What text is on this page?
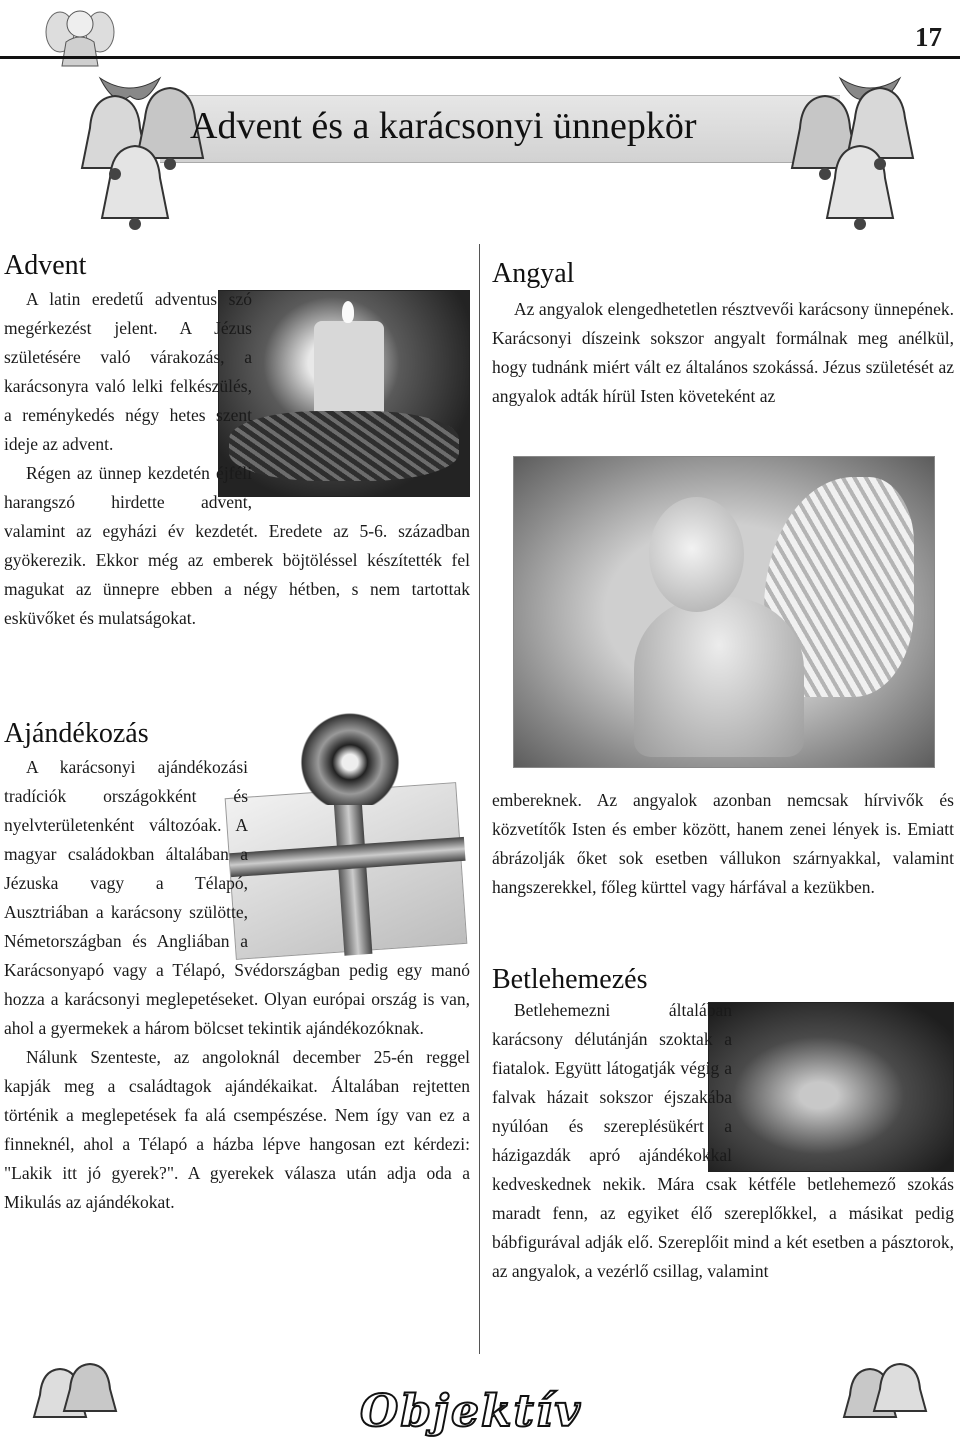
17
Advent és a karácsonyi ünnepkör
Advent

A latin eredetű adventus szó megérkezést jelent. A Jézus születésére való várakozás, a karácsonyra való lelki felkészülés, a reménykedés négy hetes szent ideje az advent.

Régen az ünnep kezdetén éjféli harangszó hirdette advent, valamint az egyházi év kezdetét. Eredete az 5-6. században gyökerezik. Ekkor még az emberek böjtöléssel készítették fel magukat az ünnepre ebben a négy hétben, s nem tartottak esküvőket és mulatságokat.

Ajándékozás

A karácsonyi ajándékozási tradíciók országokként és nyelvterületenként változóak. A magyar családokban általában a Jézuska vagy a Télapó, Ausztriában a karácsony szülötte, Németországban és Angliában a Karácsonyapó vagy a Télapó, Svédországban pedig egy manó hozza a karácsonyi meglepetéseket. Olyan európai ország is van, ahol a gyermekek a három bölcset tekintik ajándékozóknak.

Nálunk Szenteste, az angoloknál december 25-én reggel kapják meg a családtagok ajándékaikat. Általában rejtetten történik a meglepetések fa alá csempészése. Nem így van ez a finneknél, ahol a Télapó a házba lépve hangosan ezt kérdezi: "Lakik itt jó gyerek?". A gyerekek válasza után adja oda a Mikulás az ajándékokat.

Angyal

Az angyalok elengedhetetlen résztvevői karácsony ünnepének. Karácsonyi díszeink sokszor angyalt formálnak meg anélkül, hogy tudnánk miért vált ez általános szokássá. Jézus születését az angyalok adták hírül Isten követeként az

embereknek. Az angyalok azonban nemcsak hírvivők és közvetítők Isten és ember között, hanem zenei lények is. Emiatt ábrázolják őket sok esetben vállukon szárnyakkal, valamint hangszerekkel, főleg kürttel vagy hárfával a kezükben.

Betlehemezés

Betlehemezni általában karácsony délutánján szoktak a fiatalok. Együtt látogatják végig a falvak házait sokszor éjszakába nyúlóan és szereplésükért a házigazdák apró ajándékokkal kedveskednek nekik. Mára csak kétféle betlehemező szokás maradt fenn, az egyiket élő szereplőkkel, a másikat pedig bábfigurával adják elő. Szereplőit mind a két esetben a pásztorok, az angyalok, a vezérlő csillag, valamint

Objektív
